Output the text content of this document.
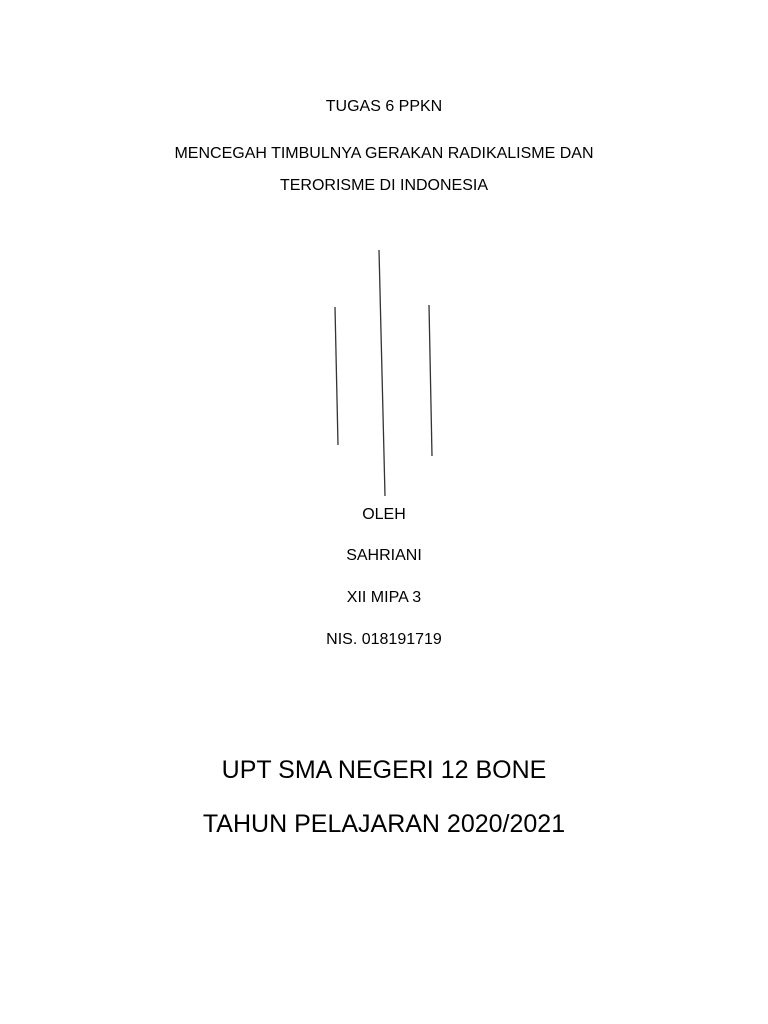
TUGAS 6 PPKN
MENCEGAH TIMBULNYA GERAKAN RADIKALISME DAN
TERORISME DI INDONESIA
OLEH
SAHRIANI
XII MIPA 3
NIS. 018191719
UPT SMA NEGERI 12 BONE
TAHUN PELAJARAN 2020/2021
